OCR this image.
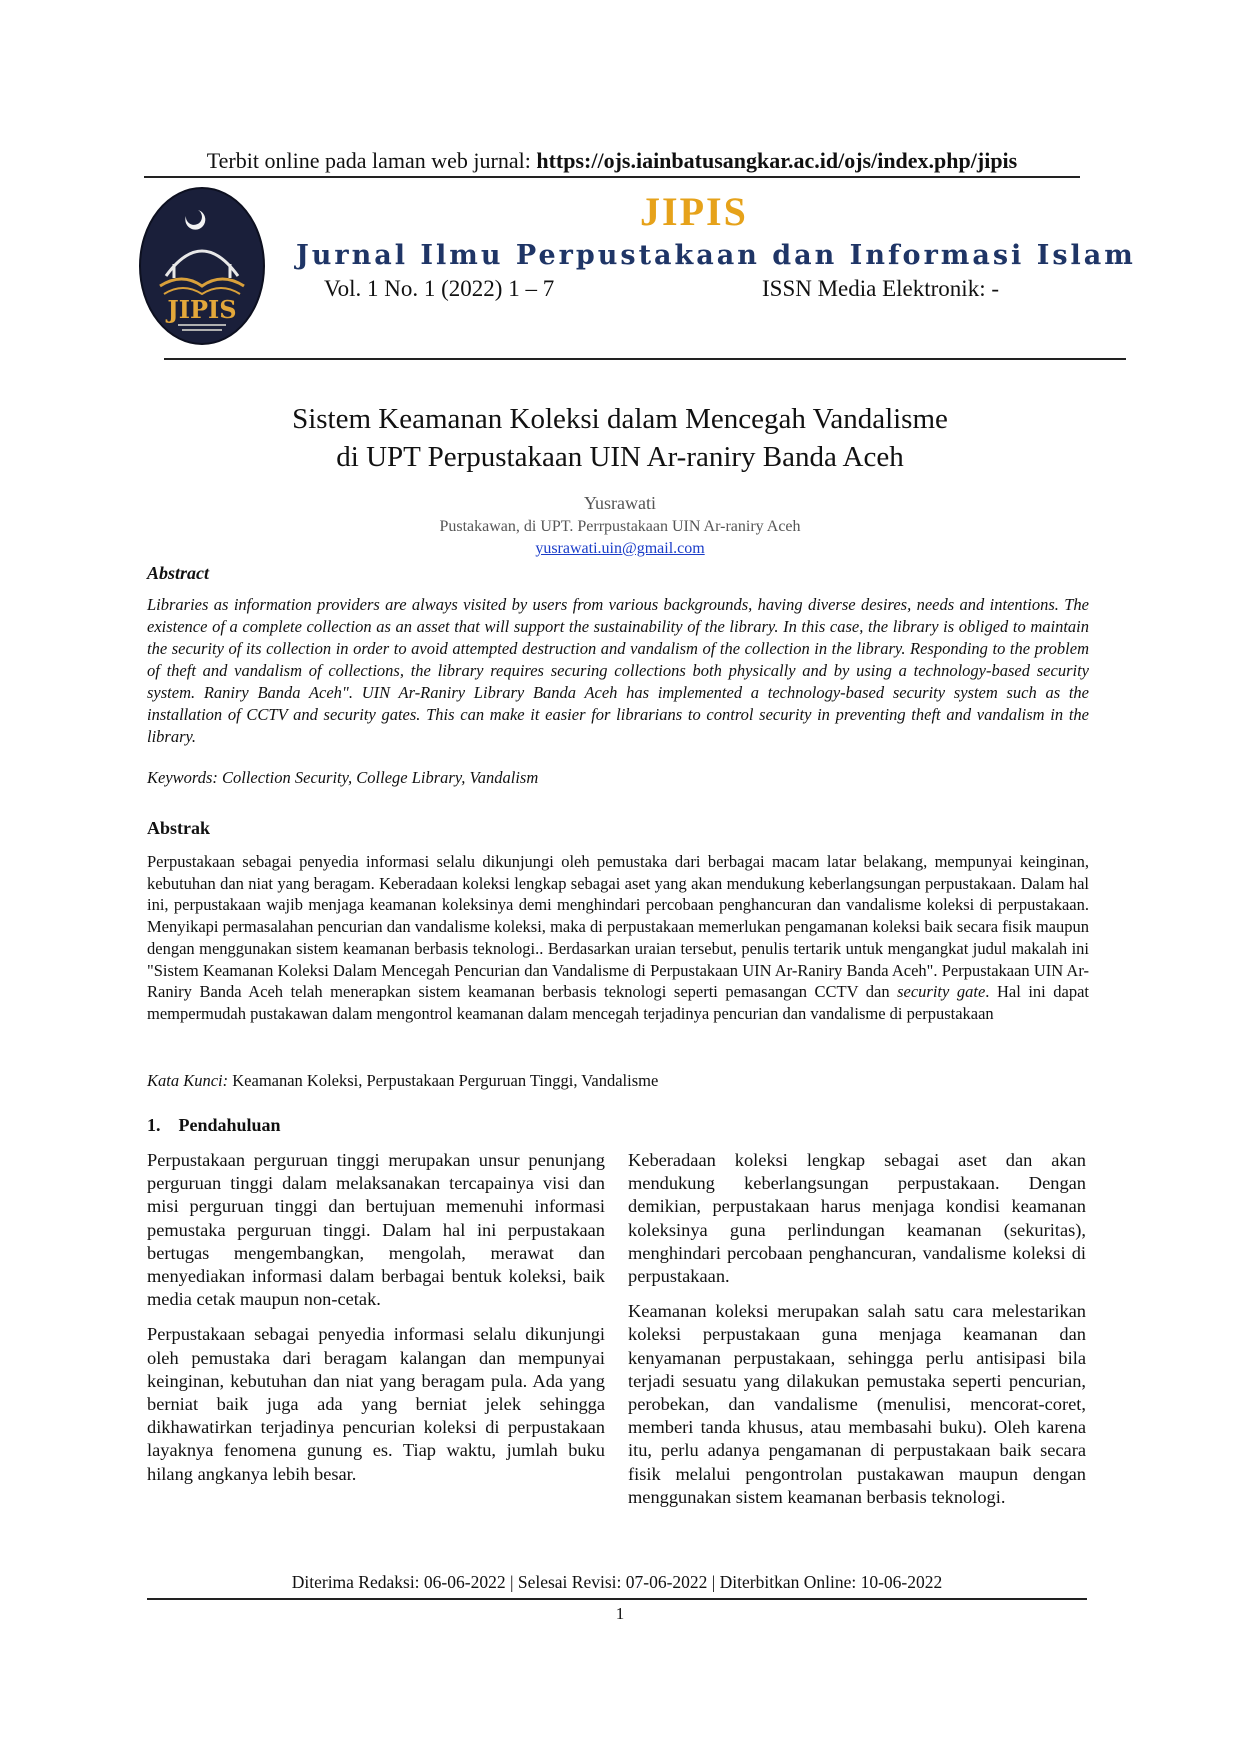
Terbit online pada laman web jurnal: https://ojs.iainbatusangkar.ac.id/ojs/index.php/jipis
JIPIS
JIPIS
Jurnal Ilmu Perpustakaan dan Informasi Islam
Vol. 1 No. 1 (2022) 1 – 7	ISSN Media Elektronik: -
Sistem Keamanan Koleksi dalam Mencegah Vandalisme
di UPT Perpustakaan UIN Ar-raniry Banda Aceh
Yusrawati
Pustakawan, di UPT. Perrpustakaan UIN Ar-raniry Aceh
yusrawati.uin@gmail.com
Abstract
Libraries as information providers are always visited by users from various backgrounds, having diverse desires, needs and intentions. The existence of a complete collection as an asset that will support the sustainability of the library. In this case, the library is obliged to maintain the security of its collection in order to avoid attempted destruction and vandalism of the collection in the library. Responding to the problem of theft and vandalism of collections, the library requires securing collections both physically and by using a technology-based security system. Raniry Banda Aceh". UIN Ar-Raniry Library Banda Aceh has implemented a technology-based security system such as the installation of CCTV and security gates. This can make it easier for librarians to control security in preventing theft and vandalism in the library.
Keywords: Collection Security, College Library, Vandalism
Abstrak
Perpustakaan sebagai penyedia informasi selalu dikunjungi oleh pemustaka dari berbagai macam latar belakang, mempunyai keinginan, kebutuhan dan niat yang beragam. Keberadaan koleksi lengkap sebagai aset yang akan mendukung keberlangsungan perpustakaan. Dalam hal ini, perpustakaan wajib menjaga keamanan koleksinya demi menghindari percobaan penghancuran dan vandalisme koleksi di perpustakaan. Menyikapi permasalahan pencurian dan vandalisme koleksi, maka di perpustakaan memerlukan pengamanan koleksi baik secara fisik maupun dengan menggunakan sistem keamanan berbasis teknologi.. Berdasarkan uraian tersebut, penulis tertarik untuk mengangkat judul makalah ini "Sistem Keamanan Koleksi Dalam Mencegah Pencurian dan Vandalisme di Perpustakaan UIN Ar-Raniry Banda Aceh". Perpustakaan UIN Ar-Raniry Banda Aceh telah menerapkan sistem keamanan berbasis teknologi seperti pemasangan CCTV dan security gate. Hal ini dapat mempermudah pustakawan dalam mengontrol keamanan dalam mencegah terjadinya pencurian dan vandalisme di perpustakaan
Kata Kunci: Keamanan Koleksi, Perpustakaan Perguruan Tinggi, Vandalisme
1. Pendahuluan

Perpustakaan perguruan tinggi merupakan unsur penunjang perguruan tinggi dalam melaksanakan tercapainya visi dan misi perguruan tinggi dan bertujuan memenuhi informasi pemustaka perguruan tinggi. Dalam hal ini perpustakaan bertugas mengembangkan, mengolah, merawat dan menyediakan informasi dalam berbagai bentuk koleksi, baik media cetak maupun non-cetak.

Perpustakaan sebagai penyedia informasi selalu dikunjungi oleh pemustaka dari beragam kalangan dan mempunyai keinginan, kebutuhan dan niat yang beragam pula. Ada yang berniat baik juga ada yang berniat jelek sehingga dikhawatirkan terjadinya pencurian koleksi di perpustakaan layaknya fenomena gunung es. Tiap waktu, jumlah buku hilang angkanya lebih besar.

Keberadaan koleksi lengkap sebagai aset dan akan mendukung keberlangsungan perpustakaan. Dengan demikian, perpustakaan harus menjaga kondisi keamanan koleksinya guna perlindungan keamanan (sekuritas), menghindari percobaan penghancuran, vandalisme koleksi di perpustakaan.

Keamanan koleksi merupakan salah satu cara melestarikan koleksi perpustakaan guna menjaga keamanan dan kenyamanan perpustakaan, sehingga perlu antisipasi bila terjadi sesuatu yang dilakukan pemustaka seperti pencurian, perobekan, dan vandalisme (menulisi, mencorat-coret, memberi tanda khusus, atau membasahi buku). Oleh karena itu, perlu adanya pengamanan di perpustakaan baik secara fisik melalui pengontrolan pustakawan maupun dengan menggunakan sistem keamanan berbasis teknologi.

Diterima Redaksi: 06-06-2022 | Selesai Revisi: 07-06-2022 | Diterbitkan Online: 10-06-2022
1
